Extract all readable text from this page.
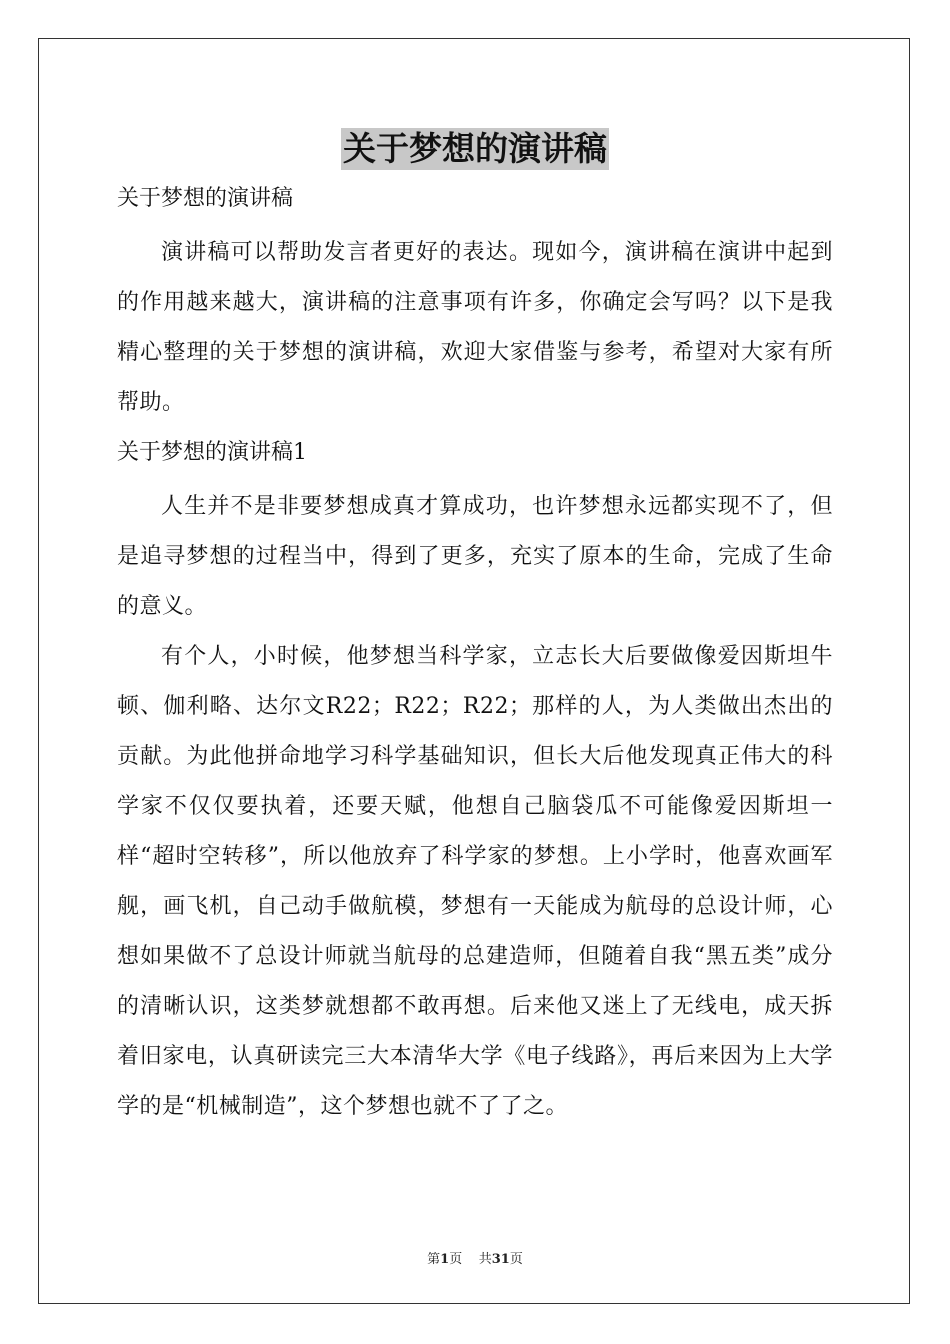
关于梦想的演讲稿

关于梦想的演讲稿

演讲稿可以帮助发言者更好的表达。现如今，演讲稿在演讲中起到的作用越来越大，演讲稿的注意事项有许多，你确定会写吗？以下是我精心整理的关于梦想的演讲稿，欢迎大家借鉴与参考，希望对大家有所帮助。

关于梦想的演讲稿1

人生并不是非要梦想成真才算成功，也许梦想永远都实现不了，但是追寻梦想的过程当中，得到了更多，充实了原本的生命，完成了生命的意义。

有个人，小时候，他梦想当科学家，立志长大后要做像爱因斯坦牛顿、伽利略、达尔文R22；R22；R22；那样的人，为人类做出杰出的贡献。为此他拼命地学习科学基础知识，但长大后他发现真正伟大的科学家不仅仅要执着，还要天赋，他想自己脑袋瓜不可能像爱因斯坦一样“超时空转移”，所以他放弃了科学家的梦想。上小学时，他喜欢画军舰，画飞机，自己动手做航模，梦想有一天能成为航母的总设计师，心想如果做不了总设计师就当航母的总建造师，但随着自我“黑五类”成分的清晰认识，这类梦就想都不敢再想。后来他又迷上了无线电，成天拆着旧家电，认真研读完三大本清华大学《电子线路》，再后来因为上大学学的是“机械制造”，这个梦想也就不了了之。

第1页 共31页
